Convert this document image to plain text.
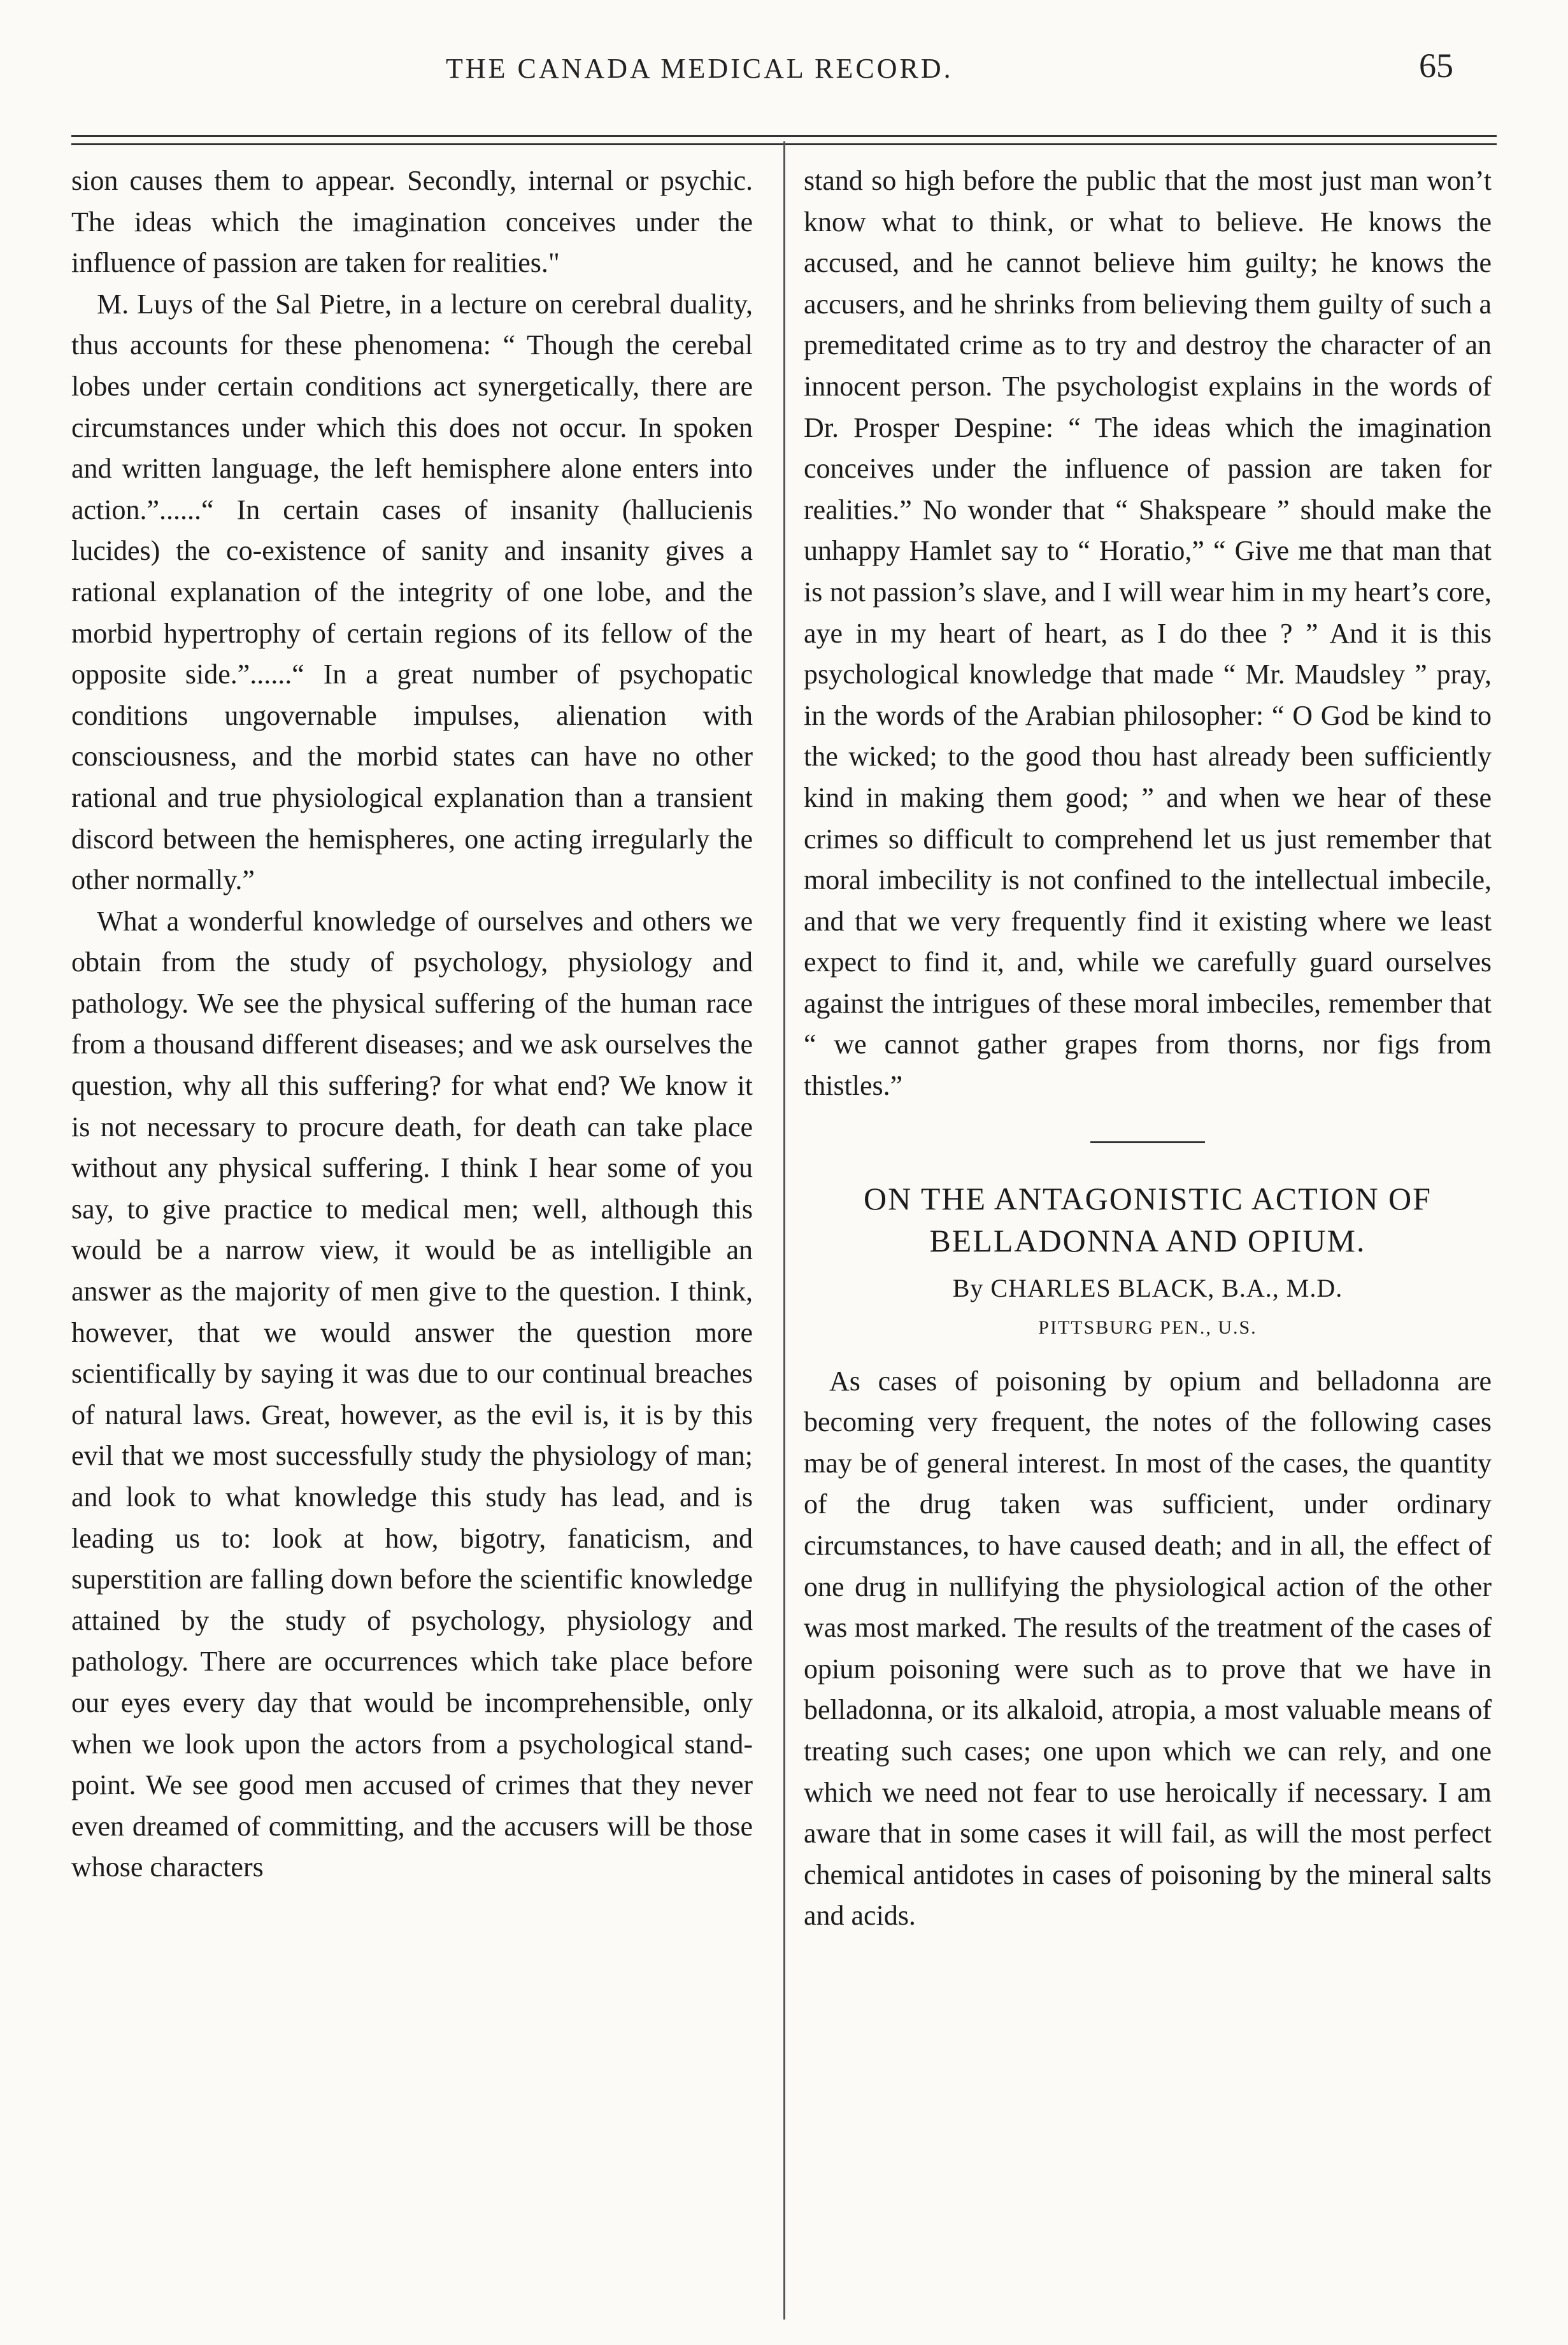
THE CANADA MEDICAL RECORD.	65

sion causes them to appear. Secondly, internal or psychic. The ideas which the imagination conceives under the influence of passion are taken for realities."

M. Luys of the Sal Pietre, in a lecture on cerebral duality, thus accounts for these phenomena: “ Though the cerebal lobes under certain conditions act synergetically, there are circumstances under which this does not occur. In spoken and written language, the left hemisphere alone enters into action.”......“ In certain cases of insanity (hallucienis lucides) the co-existence of sanity and insanity gives a rational explanation of the integrity of one lobe, and the morbid hypertrophy of certain regions of its fellow of the opposite side.”......“ In a great number of psychopatic conditions ungovernable impulses, alienation with consciousness, and the morbid states can have no other rational and true physiological explanation than a transient discord between the hemispheres, one acting irregularly the other normally.”

What a wonderful knowledge of ourselves and others we obtain from the study of psychology, physiology and pathology. We see the physical suffering of the human race from a thousand different diseases; and we ask ourselves the question, why all this suffering? for what end? We know it is not necessary to procure death, for death can take place without any physical suffering. I think I hear some of you say, to give practice to medical men; well, although this would be a narrow view, it would be as intelligible an answer as the majority of men give to the question. I think, however, that we would answer the question more scientifically by saying it was due to our continual breaches of natural laws. Great, however, as the evil is, it is by this evil that we most successfully study the physiology of man; and look to what knowledge this study has lead, and is leading us to: look at how, bigotry, fanaticism, and superstition are falling down before the scientific knowledge attained by the study of psychology, physiology and pathology. There are occurrences which take place before our eyes every day that would be incomprehensible, only when we look upon the actors from a psychological stand-point. We see good men accused of crimes that they never even dreamed of committing, and the accusers will be those whose characters

stand so high before the public that the most just man won’t know what to think, or what to believe. He knows the accused, and he cannot believe him guilty; he knows the accusers, and he shrinks from believing them guilty of such a premeditated crime as to try and destroy the character of an innocent person. The psychologist explains in the words of Dr. Prosper Despine: “ The ideas which the imagination conceives under the influence of passion are taken for realities.” No wonder that “ Shakspeare ” should make the unhappy Hamlet say to “ Horatio,” “ Give me that man that is not passion’s slave, and I will wear him in my heart’s core, aye in my heart of heart, as I do thee ? ” And it is this psychological knowledge that made “ Mr. Maudsley ” pray, in the words of the Arabian philosopher: “ O God be kind to the wicked; to the good thou hast already been sufficiently kind in making them good; ” and when we hear of these crimes so difficult to comprehend let us just remember that moral imbecility is not confined to the intellectual imbecile, and that we very frequently find it existing where we least expect to find it, and, while we carefully guard ourselves against the intrigues of these moral imbeciles, remember that “ we cannot gather grapes from thorns, nor figs from thistles.”

ON THE ANTAGONISTIC ACTION OF
BELLADONNA AND OPIUM.
By CHARLES BLACK, B.A., M.D.
PITTSBURG PEN., U.S.

As cases of poisoning by opium and belladonna are becoming very frequent, the notes of the following cases may be of general interest. In most of the cases, the quantity of the drug taken was sufficient, under ordinary circumstances, to have caused death; and in all, the effect of one drug in nullifying the physiological action of the other was most marked. The results of the treatment of the cases of opium poisoning were such as to prove that we have in belladonna, or its alkaloid, atropia, a most valuable means of treating such cases; one upon which we can rely, and one which we need not fear to use heroically if necessary. I am aware that in some cases it will fail, as will the most perfect chemical antidotes in cases of poisoning by the mineral salts and acids.
